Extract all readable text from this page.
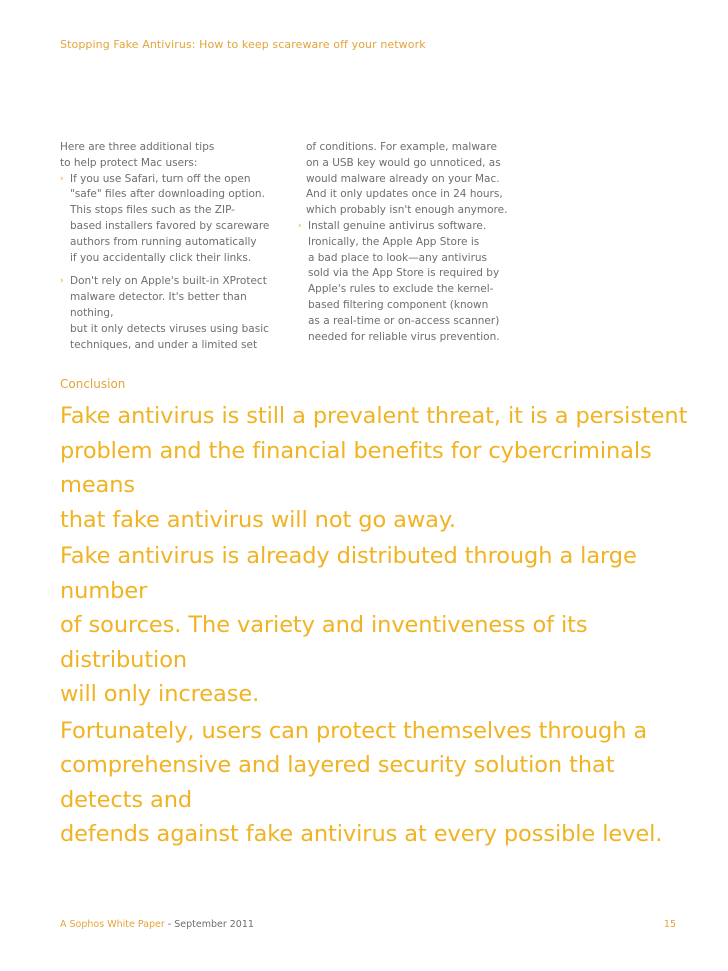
Stopping Fake Antivirus: How to keep scareware off your network

Here are three additional tips

to help protect Mac users:

› If you use Safari, turn off the open
"safe" files after downloading option.
This stops files such as the ZIP-
based installers favored by scareware
authors from running automatically
if you accidentally click their links.
› Don't rely on Apple's built-in XProtect
malware detector. It's better than nothing,
but it only detects viruses using basic
techniques, and under a limited set
of conditions. For example, malware
on a USB key would go unnoticed, as
would malware already on your Mac.
And it only updates once in 24 hours,
which probably isn't enough anymore.
› Install genuine antivirus software.
Ironically, the Apple App Store is
a bad place to look—any antivirus
sold via the App Store is required by
Apple's rules to exclude the kernel-
based filtering component (known
as a real-time or on-access scanner)
needed for reliable virus prevention.
Conclusion

Fake antivirus is still a prevalent threat, it is a persistent
problem and the financial benefits for cybercriminals means
that fake antivirus will not go away.

Fake antivirus is already distributed through a large number
of sources. The variety and inventiveness of its distribution
will only increase.

Fortunately, users can protect themselves through a
comprehensive and layered security solution that detects and
defends against fake antivirus at every possible level.

A Sophos White Paper - September 2011	15
